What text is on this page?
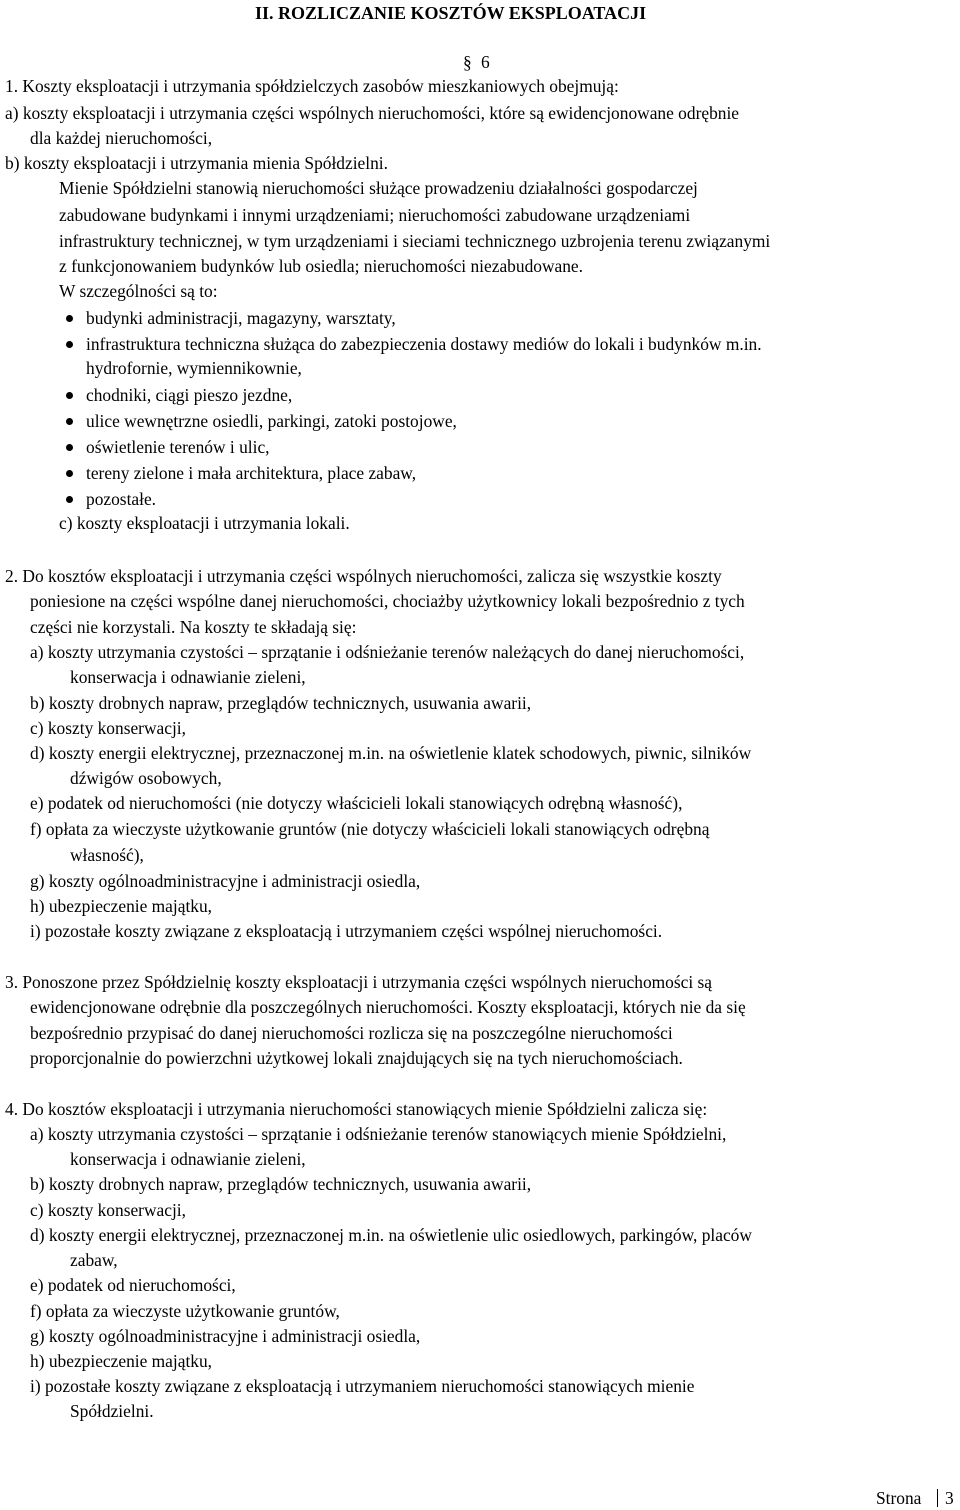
II. ROZLICZANIE KOSZTÓW EKSPLOATACJI
§ 6
1. Koszty eksploatacji i utrzymania spółdzielczych zasobów mieszkaniowych obejmują:
a) koszty eksploatacji i utrzymania części wspólnych nieruchomości, które są ewidencjonowane odrębnie
dla każdej nieruchomości,
b) koszty eksploatacji i utrzymania mienia Spółdzielni.
Mienie Spółdzielni stanowią nieruchomości służące prowadzeniu działalności gospodarczej
zabudowane budynkami i innymi urządzeniami; nieruchomości zabudowane urządzeniami
infrastruktury technicznej, w tym urządzeniami i sieciami technicznego uzbrojenia terenu związanymi
z funkcjonowaniem budynków lub osiedla; nieruchomości niezabudowane.
W szczególności są to:
budynki administracji, magazyny, warsztaty,
infrastruktura techniczna służąca do zabezpieczenia dostawy mediów do lokali i budynków m.in.
hydrofornie, wymiennikownie,
chodniki, ciągi pieszo jezdne,
ulice wewnętrzne osiedli, parkingi, zatoki postojowe,
oświetlenie terenów i ulic,
tereny zielone i mała architektura, place zabaw,
pozostałe.
c) koszty eksploatacji i utrzymania lokali.
2. Do kosztów eksploatacji i utrzymania części wspólnych nieruchomości, zalicza się wszystkie koszty
poniesione na części wspólne danej nieruchomości, chociażby użytkownicy lokali bezpośrednio z tych
części nie korzystali. Na koszty te składają się:
a) koszty utrzymania czystości – sprzątanie i odśnieżanie terenów należących do danej nieruchomości,
konserwacja i odnawianie zieleni,
b) koszty drobnych napraw, przeglądów technicznych, usuwania awarii,
c) koszty konserwacji,
d) koszty energii elektrycznej, przeznaczonej m.in. na oświetlenie klatek schodowych, piwnic, silników
dźwigów osobowych,
e) podatek od nieruchomości (nie dotyczy właścicieli lokali stanowiących odrębną własność),
f) opłata za wieczyste użytkowanie gruntów (nie dotyczy właścicieli lokali stanowiących odrębną
własność),
g) koszty ogólnoadministracyjne i administracji osiedla,
h) ubezpieczenie majątku,
i) pozostałe koszty związane z eksploatacją i utrzymaniem części wspólnej nieruchomości.
3. Ponoszone przez Spółdzielnię koszty eksploatacji i utrzymania części wspólnych nieruchomości są
ewidencjonowane odrębnie dla poszczególnych nieruchomości. Koszty eksploatacji, których nie da się
bezpośrednio przypisać do danej nieruchomości rozlicza się na poszczególne nieruchomości
proporcjonalnie do powierzchni użytkowej lokali znajdujących się na tych nieruchomościach.
4. Do kosztów eksploatacji i utrzymania nieruchomości stanowiących mienie Spółdzielni zalicza się:
a) koszty utrzymania czystości – sprzątanie i odśnieżanie terenów stanowiących mienie Spółdzielni,
konserwacja i odnawianie zieleni,
b) koszty drobnych napraw, przeglądów technicznych, usuwania awarii,
c) koszty konserwacji,
d) koszty energii elektrycznej, przeznaczonej m.in. na oświetlenie ulic osiedlowych, parkingów, placów
zabaw,
e) podatek od nieruchomości,
f) opłata za wieczyste użytkowanie gruntów,
g) koszty ogólnoadministracyjne i administracji osiedla,
h) ubezpieczenie majątku,
i) pozostałe koszty związane z eksploatacją i utrzymaniem nieruchomości stanowiących mienie
Spółdzielni.
Strona 3
